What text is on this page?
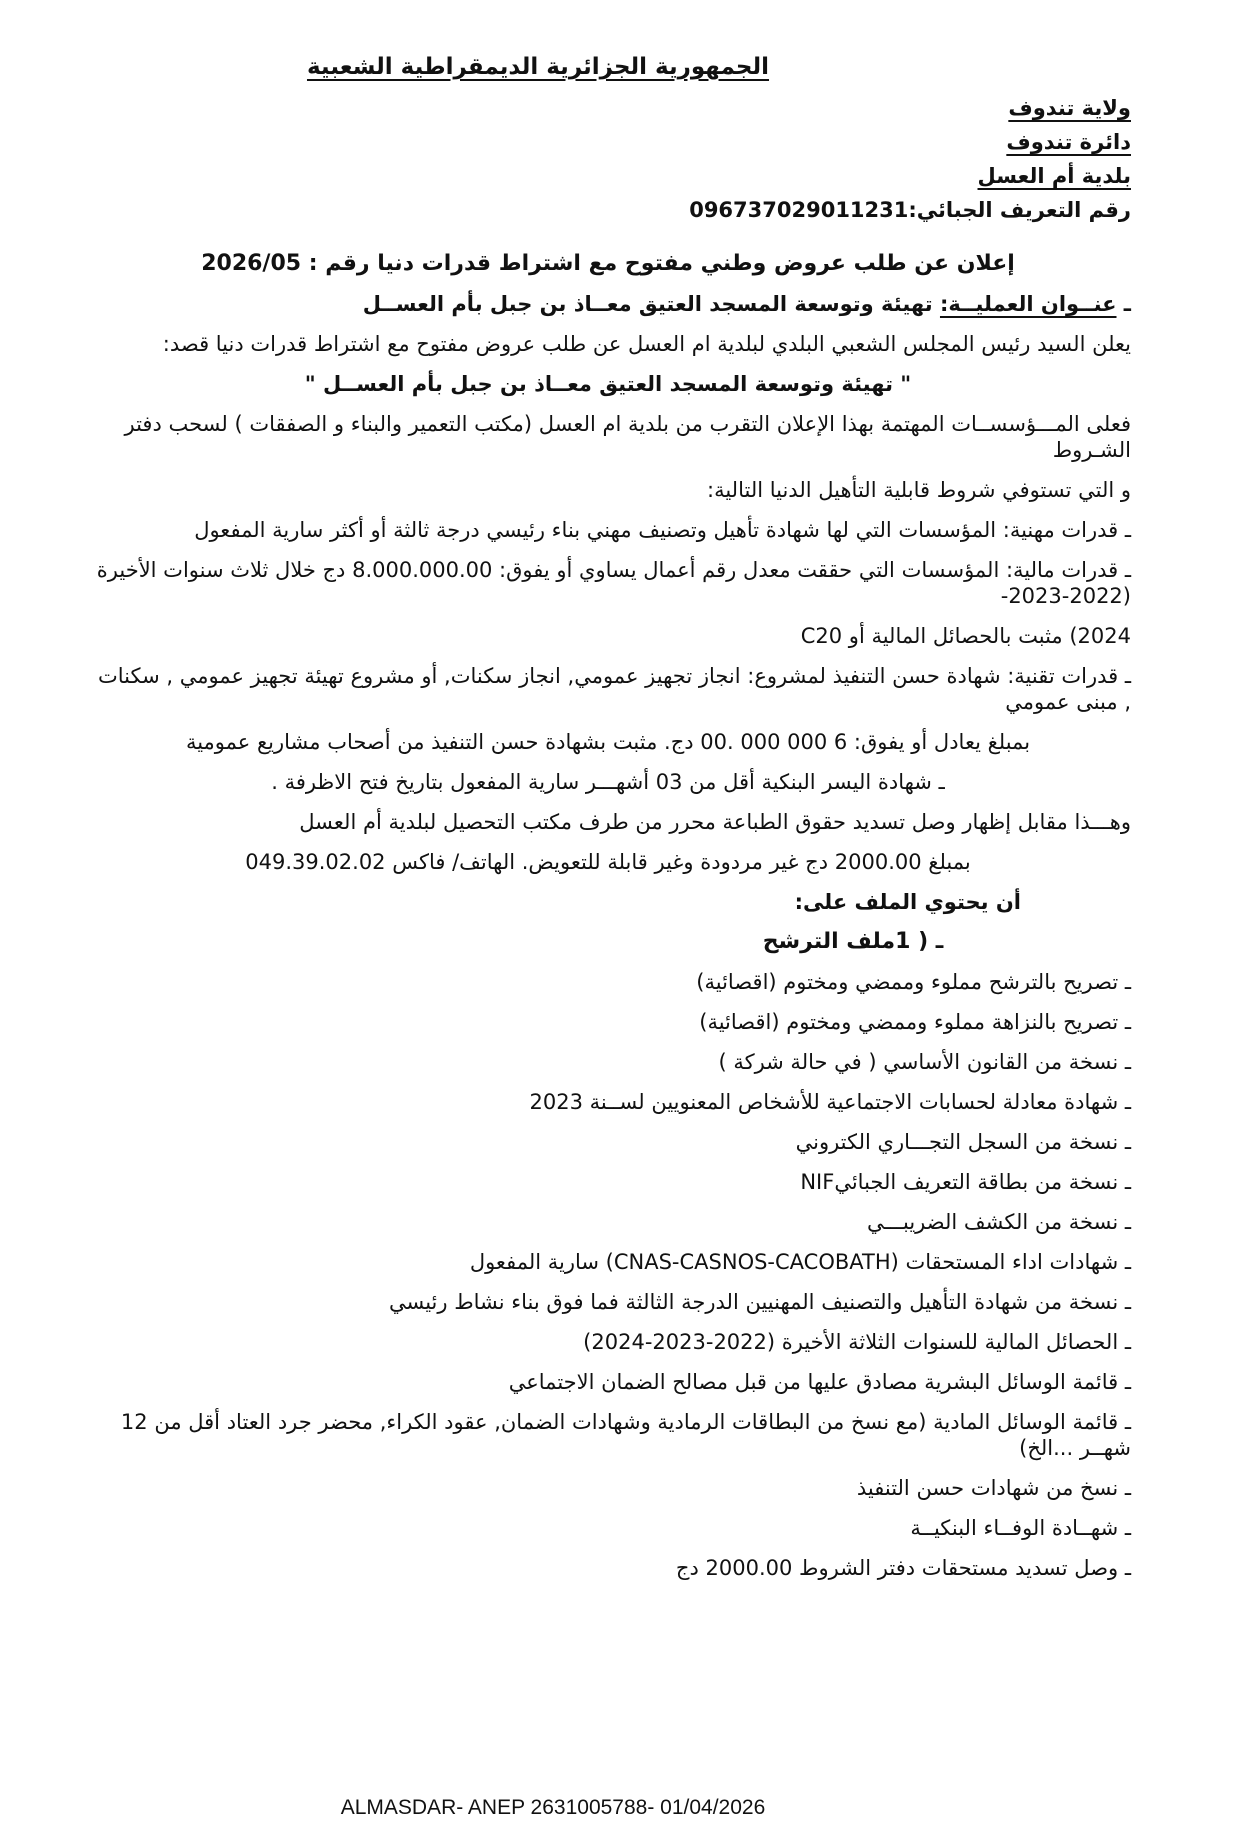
الجمهورية الجزائرية الديمقراطية الشعبية
ولاية تندوف
دائرة تندوف
بلدية أم العسل
رقم التعريف الجبائي:096737029011231
إعلان عن طلب عروض وطني مفتوح مع اشتراط قدرات دنيا رقم : 2026/05
ـ عنــوان العمليــة: تهيئة وتوسعة المسجد العتيق معــاذ بن جبل بأم العســل
يعلن السيد رئيس المجلس الشعبي البلدي لبلدية ام العسل عن طلب عروض مفتوح مع اشتراط قدرات دنيا قصد:
" تهيئة وتوسعة المسجد العتيق معــاذ بن جبل بأم العســل "
فعلى المـــؤسســات المهتمة بهذا الإعلان التقرب من بلدية ام العسل (مكتب التعمير والبناء و الصفقات ) لسحب دفتر الشـروط
و التي تستوفي شروط قابلية التأهيل الدنيا التالية:
ـ قدرات مهنية: المؤسسات التي لها شهادة تأهيل وتصنيف مهني بناء رئيسي درجة ثالثة أو أكثر سارية المفعول
ـ قدرات مالية: المؤسسات التي حققت معدل رقم أعمال يساوي أو يفوق: 8.000.000.00 دج خلال ثلاث سنوات الأخيرة (2022-2023-
2024) مثبت بالحصائل المالية أو C20
ـ قدرات تقنية: شهادة حسن التنفيذ لمشروع: انجاز تجهيز عمومي, انجاز سكنات, أو مشروع تهيئة تجهيز عمومي , سكنات , مبنى عمومي
بمبلغ يعادل أو يفوق: 00. 000 000 6 دج. مثبت بشهادة حسن التنفيذ من أصحاب مشاريع عمومية
ـ شهادة اليسر البنكية أقل من 03 أشهـــر سارية المفعول بتاريخ فتح الاظرفة .
وهـــذا مقابل إظهار وصل تسديد حقوق الطباعة محرر من طرف مكتب التحصيل لبلدية أم العسل
بمبلغ 2000.00 دج غير مردودة وغير قابلة للتعويض. الهاتف/ فاكس 049.39.02.02
أن يحتوي الملف على:
1 ) ـ ملف الترشح
ـ تصريح بالترشح مملوء وممضي ومختوم (اقصائية)
ـ تصريح بالنزاهة مملوء وممضي ومختوم (اقصائية)
ـ نسخة من القانون الأساسي ( في حالة شركة )
ـ شهادة معادلة لحسابات الاجتماعية للأشخاص المعنويين لســنة 2023
ـ نسخة من السجل التجـــاري الكتروني
ـ نسخة من بطاقة التعريف الجبائيNIF
ـ نسخة من الكشف الضريبـــي
ـ شهادات اداء المستحقات (CNAS-CASNOS-CACOBATH) سارية المفعول
ـ نسخة من شهادة التأهيل والتصنيف المهنيين الدرجة الثالثة فما فوق بناء نشاط رئيسي
ـ الحصائل المالية للسنوات الثلاثة الأخيرة (2022-2023-2024)
ـ قائمة الوسائل البشرية مصادق عليها من قبل مصالح الضمان الاجتماعي
ـ قائمة الوسائل المادية (مع نسخ من البطاقات الرمادية وشهادات الضمان, عقود الكراء, محضر جرد العتاد أقل من 12 شهــر ...الخ)
ـ نسخ من شهادات حسن التنفيذ
ـ شهــادة الوفــاء البنكيــة
ـ وصل تسديد مستحقات دفتر الشروط 2000.00 دج
ALMASDAR- ANEP 2631005788- 01/04/2026
